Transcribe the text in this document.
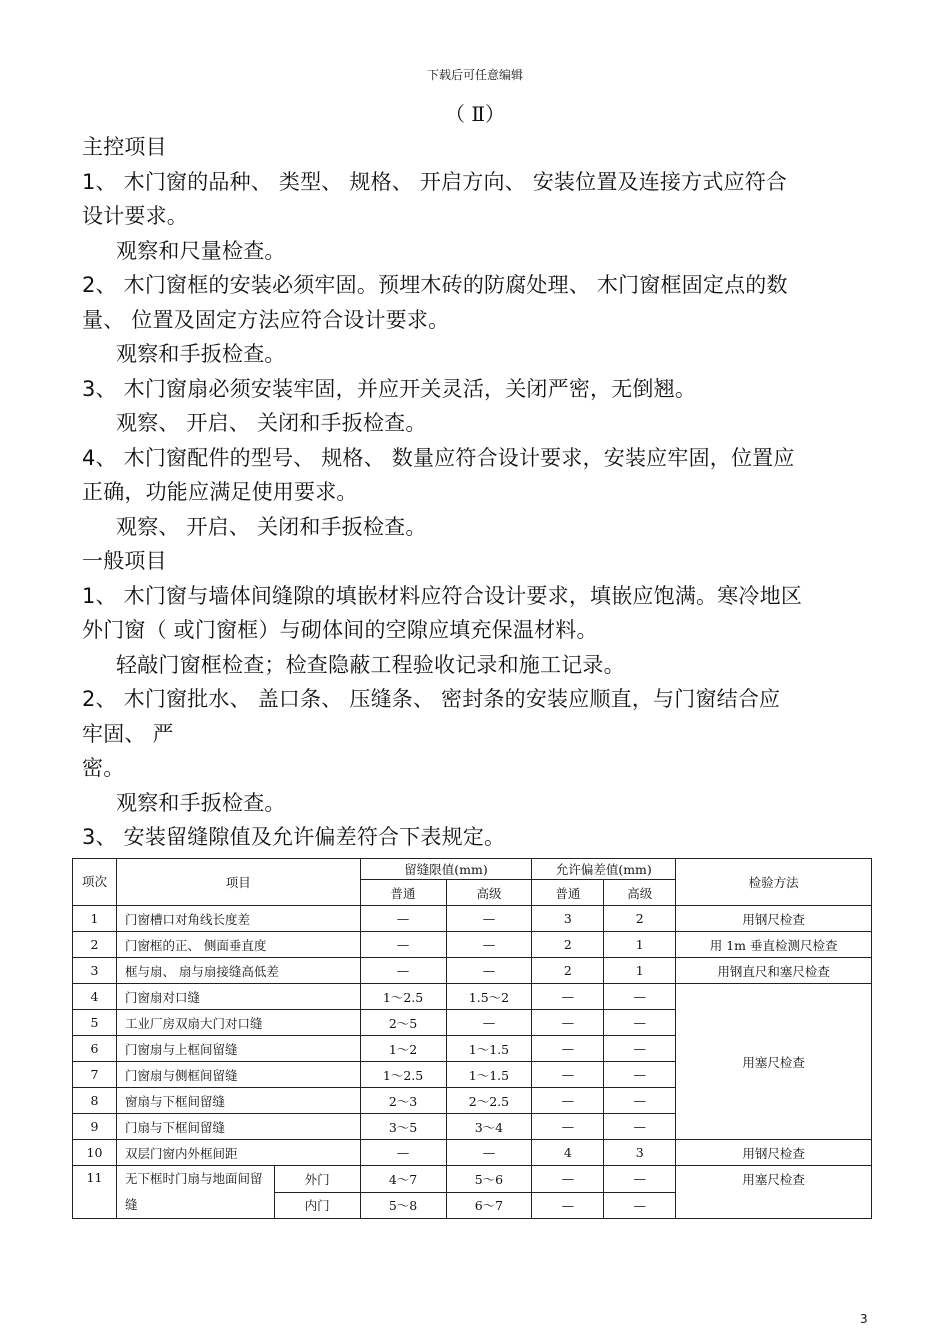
下载后可任意编辑
（ Ⅱ）

主控项目

1、 木门窗的品种、 类型、 规格、 开启方向、 安装位置及连接方式应符合

设计要求。

观察和尺量检查。

2、 木门窗框的安装必须牢固。预埋木砖的防腐处理、 木门窗框固定点的数

量、 位置及固定方法应符合设计要求。

观察和手扳检查。

3、 木门窗扇必须安装牢固，并应开关灵活，关闭严密，无倒翘。

观察、 开启、 关闭和手扳检查。

4、 木门窗配件的型号、 规格、 数量应符合设计要求，安装应牢固，位置应

正确，功能应满足使用要求。

观察、 开启、 关闭和手扳检查。

一般项目

1、 木门窗与墙体间缝隙的填嵌材料应符合设计要求，填嵌应饱满。寒冷地区

外门窗（ 或门窗框）与砌体间的空隙应填充保温材料。

轻敲门窗框检查；检查隐蔽工程验收记录和施工记录。

2、 木门窗批水、 盖口条、 压缝条、 密封条的安装应顺直，与门窗结合应

牢固、 严

密。

观察和手扳检查。

3、 安装留缝隙值及允许偏差符合下表规定。

项次	项目		留缝限值(mm)		允许偏差值(mm)		检验方法
			普通	高级	普通	高级	
1	门窗槽口对角线长度差		—	—	3	2	用钢尺检查
2	门窗框的正、 侧面垂直度		—	—	2	1	用 1m 垂直检测尺检查
3	框与扇、 扇与扇接缝高低差		—	—	2	1	用钢直尺和塞尺检查
4	门窗扇对口缝		1～2.5	1.5～2	—	—	用塞尺检查
5	工业厂房双扇大门对口缝		2～5	—	—	—	
6	门窗扇与上框间留缝		1～2	1～1.5	—	—	
7	门窗扇与侧框间留缝		1～2.5	1～1.5	—	—	
8	窗扇与下框间留缝		2～3	2～2.5	—	—	
9	门扇与下框间留缝		3～5	3～4	—	—	
10	双层门窗内外框间距		—	—	4	3	用钢尺检查
11	无下框时门扇与地面间留缝	外门	4～7	5～6	—	—	用塞尺检查
		内门	5～8	6～7	—	—	
3
